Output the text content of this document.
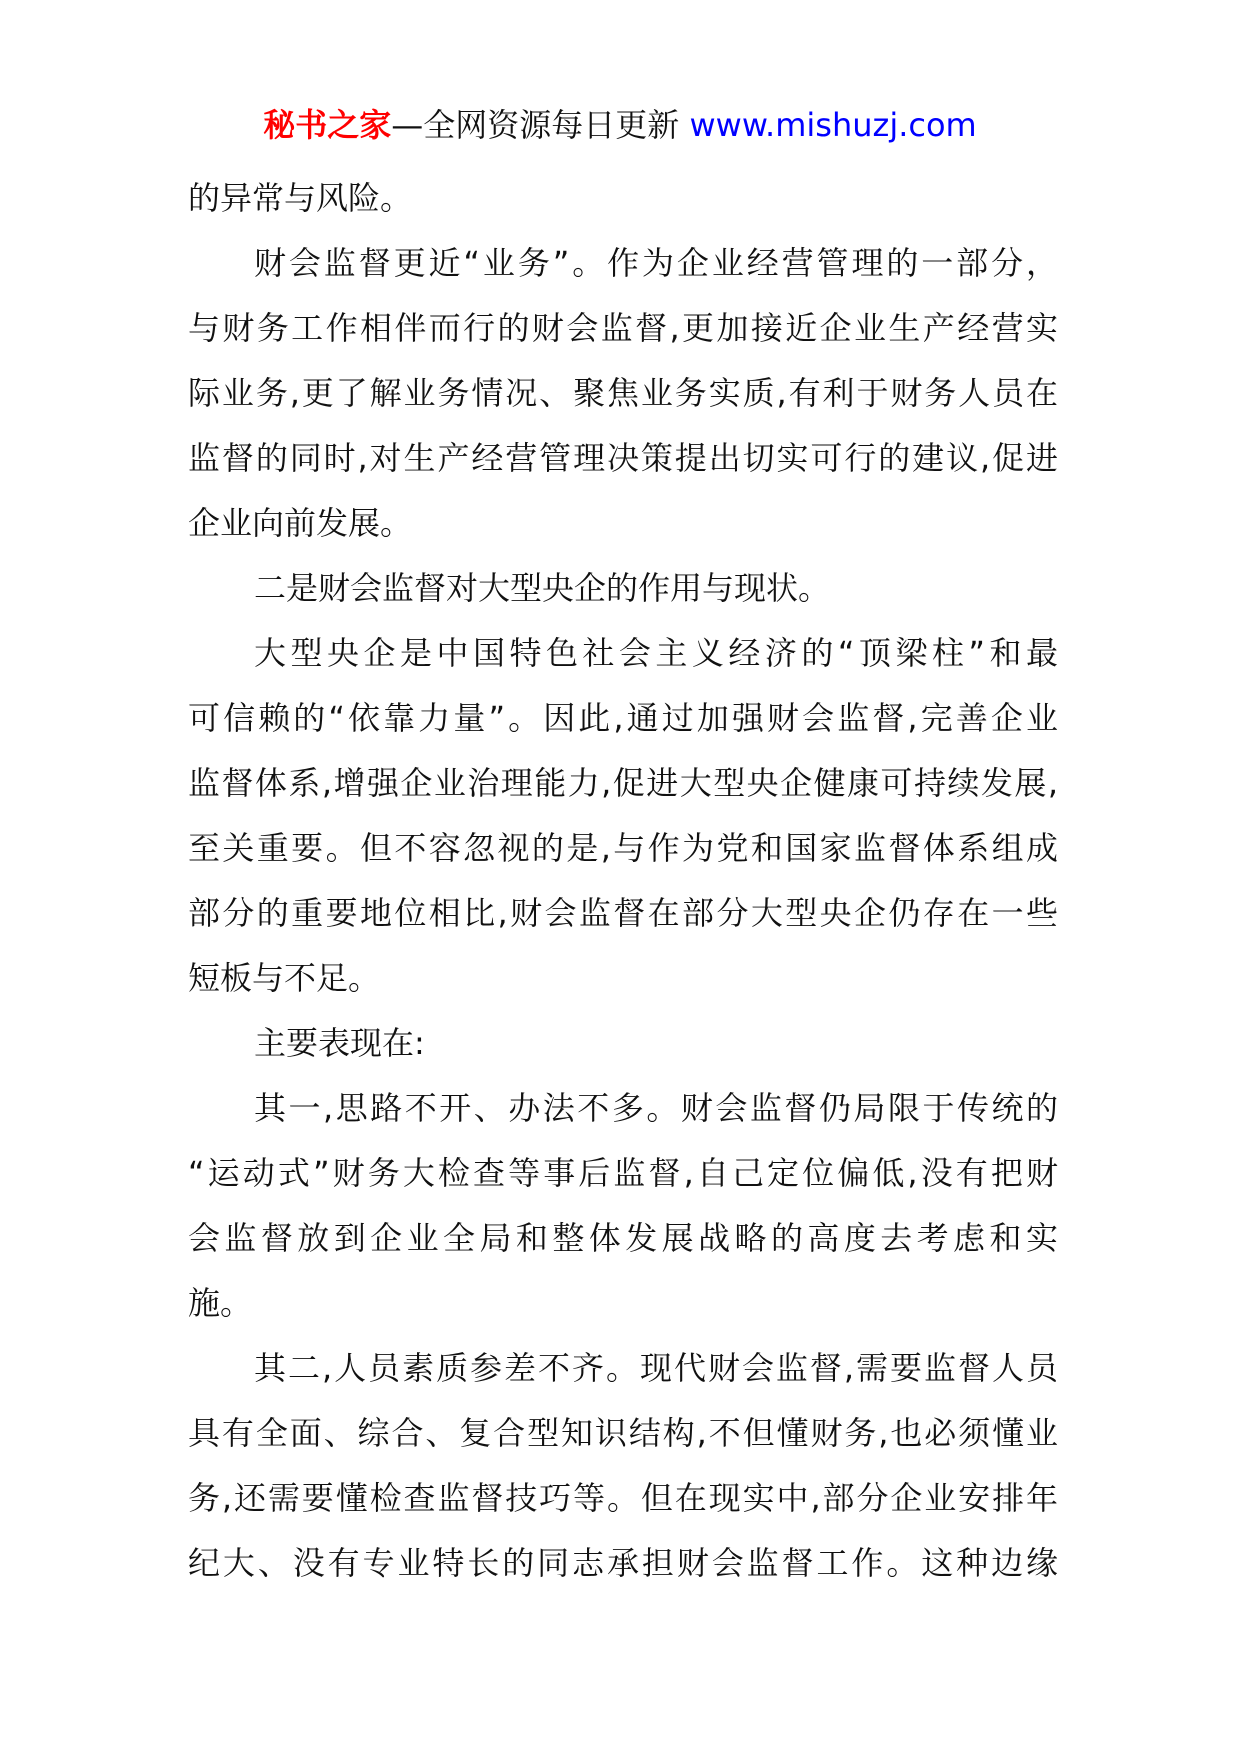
秘书之家—全网资源每日更新 www.mishuzj.com
的异常与风险。
财会监督更近“业务”。作为企业经营管理的一部分，
与财务工作相伴而行的财会监督,更加接近企业生产经营实
际业务,更了解业务情况、聚焦业务实质,有利于财务人员在
监督的同时,对生产经营管理决策提出切实可行的建议,促进
企业向前发展。
二是财会监督对大型央企的作用与现状。
大型央企是中国特色社会主义经济的“顶梁柱”和最
可信赖的“依靠力量”。因此,通过加强财会监督,完善企业
监督体系,增强企业治理能力,促进大型央企健康可持续发展,
至关重要。但不容忽视的是,与作为党和国家监督体系组成
部分的重要地位相比,财会监督在部分大型央企仍存在一些
短板与不足。
主要表现在:
其一,思路不开、办法不多。财会监督仍局限于传统的
“运动式”财务大检查等事后监督,自己定位偏低,没有把财
会监督放到企业全局和整体发展战略的高度去考虑和实
施。
其二,人员素质参差不齐。现代财会监督,需要监督人员
具有全面、综合、复合型知识结构,不但懂财务,也必须懂业
务,还需要懂检查监督技巧等。但在现实中,部分企业安排年
纪大、没有专业特长的同志承担财会监督工作。这种边缘
